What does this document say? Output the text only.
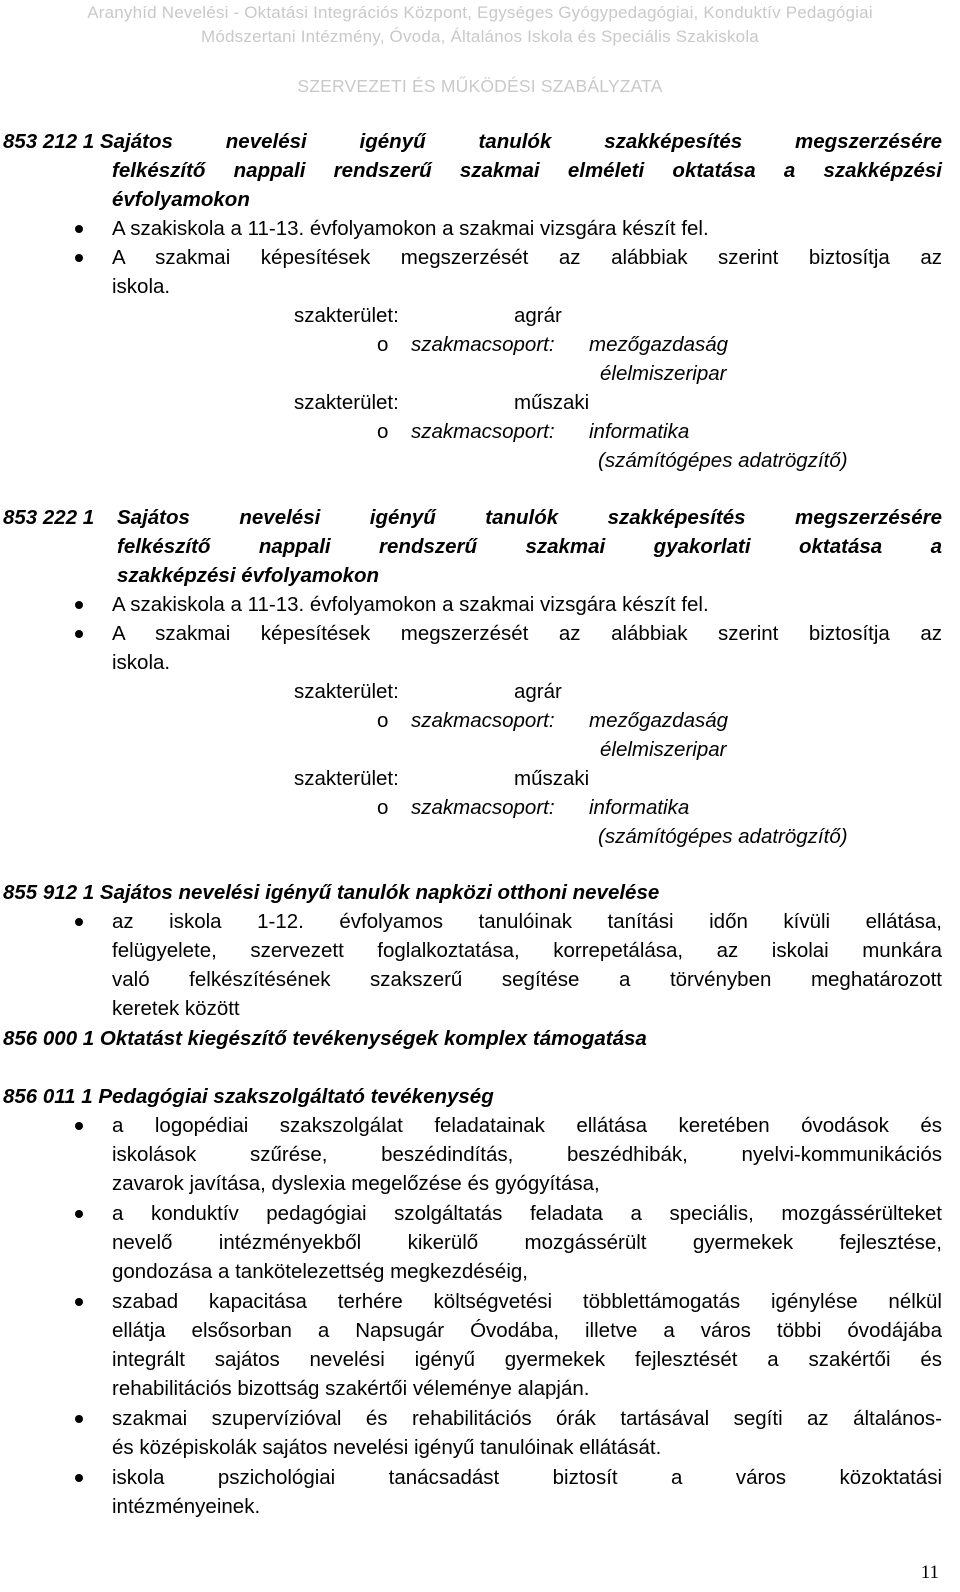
Aranyhíd Nevelési - Oktatási Integrációs Központ, Egységes Gyógypedagógiai, Konduktív Pedagógiai
Módszertani Intézmény, Óvoda, Általános Iskola és Speciális Szakiskola
SZERVEZETI ÉS MŰKÖDÉSI SZABÁLYZATA
853 212 1 Sajátos nevelési igényű tanulók szakképesítés megszerzésére
felkészítő nappali rendszerű szakmai elméleti oktatása a szakképzési
évfolyamokon
A szakiskola a 11-13. évfolyamokon a szakmai vizsgára készít fel.
A szakmai képesítések megszerzését az alábbiak szerint biztosítja az
iskola.
szakterület:	agrár
o szakmacsoport: mezőgazdaság
élelmiszeripar
szakterület:	műszaki
o szakmacsoport: informatika
(számítógépes adatrögzítő)
853 222 1 Sajátos nevelési igényű tanulók szakképesítés megszerzésére
felkészítő nappali rendszerű szakmai gyakorlati oktatása a
szakképzési évfolyamokon
A szakiskola a 11-13. évfolyamokon a szakmai vizsgára készít fel.
A szakmai képesítések megszerzését az alábbiak szerint biztosítja az
iskola.
szakterület:	agrár
o szakmacsoport: mezőgazdaság
élelmiszeripar
szakterület:	műszaki
o szakmacsoport: informatika
(számítógépes adatrögzítő)
855 912 1 Sajátos nevelési igényű tanulók napközi otthoni nevelése
az iskola 1-12. évfolyamos tanulóinak tanítási időn kívüli ellátása,
felügyelete, szervezett foglalkoztatása, korrepetálása, az iskolai munkára
való felkészítésének szakszerű segítése a törvényben meghatározott
keretek között
856 000 1 Oktatást kiegészítő tevékenységek komplex támogatása
856 011 1 Pedagógiai szakszolgáltató tevékenység
a logopédiai szakszolgálat feladatainak ellátása keretében óvodások és
iskolások szűrése, beszédindítás, beszédhibák, nyelvi-kommunikációs
zavarok javítása, dyslexia megelőzése és gyógyítása,
a konduktív pedagógiai szolgáltatás feladata a speciális, mozgássérülteket
nevelő intézményekből kikerülő mozgássérült gyermekek fejlesztése,
gondozása a tankötelezettség megkezdéséig,
szabad kapacitása terhére költségvetési többlettámogatás igénylése nélkül
ellátja elsősorban a Napsugár Óvodába, illetve a város többi óvodájába
integrált sajátos nevelési igényű gyermekek fejlesztését a szakértői és
rehabilitációs bizottság szakértői véleménye alapján.
szakmai szupervízióval és rehabilitációs órák tartásával segíti az általános-
és középiskolák sajátos nevelési igényű tanulóinak ellátását.
iskola pszichológiai tanácsadást biztosít a város közoktatási
intézményeinek.
11
